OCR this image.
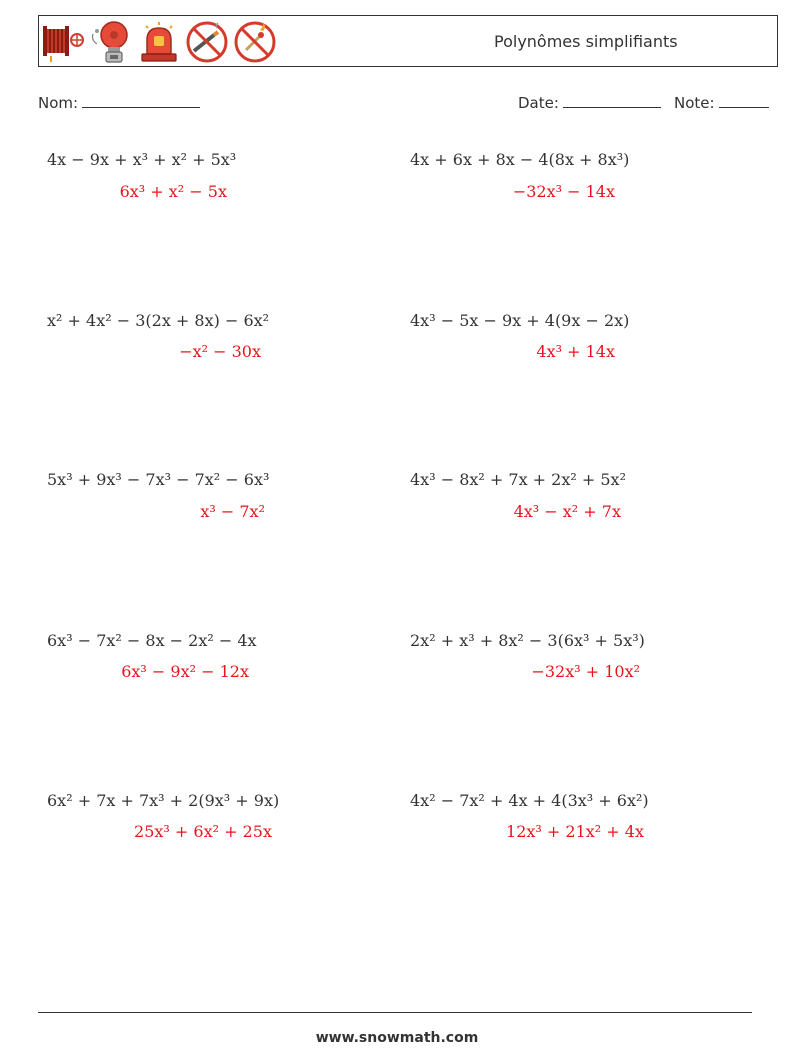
Polynômes simplifiants
Nom:	Date:	Note:
4x − 9x + x³ + x² + 5x³
6x³ + x² − 5x
4x + 6x + 8x − 4(8x + 8x³)
−32x³ − 14x
x² + 4x² − 3(2x + 8x) − 6x²
−x² − 30x
4x³ − 5x − 9x + 4(9x − 2x)
4x³ + 14x
5x³ + 9x³ − 7x³ − 7x² − 6x³
x³ − 7x²
4x³ − 8x² + 7x + 2x² + 5x²
4x³ − x² + 7x
6x³ − 7x² − 8x − 2x² − 4x
6x³ − 9x² − 12x
2x² + x³ + 8x² − 3(6x³ + 5x³)
−32x³ + 10x²
6x² + 7x + 7x³ + 2(9x³ + 9x)
25x³ + 6x² + 25x
4x² − 7x² + 4x + 4(3x³ + 6x²)
12x³ + 21x² + 4x
www.snowmath.com
